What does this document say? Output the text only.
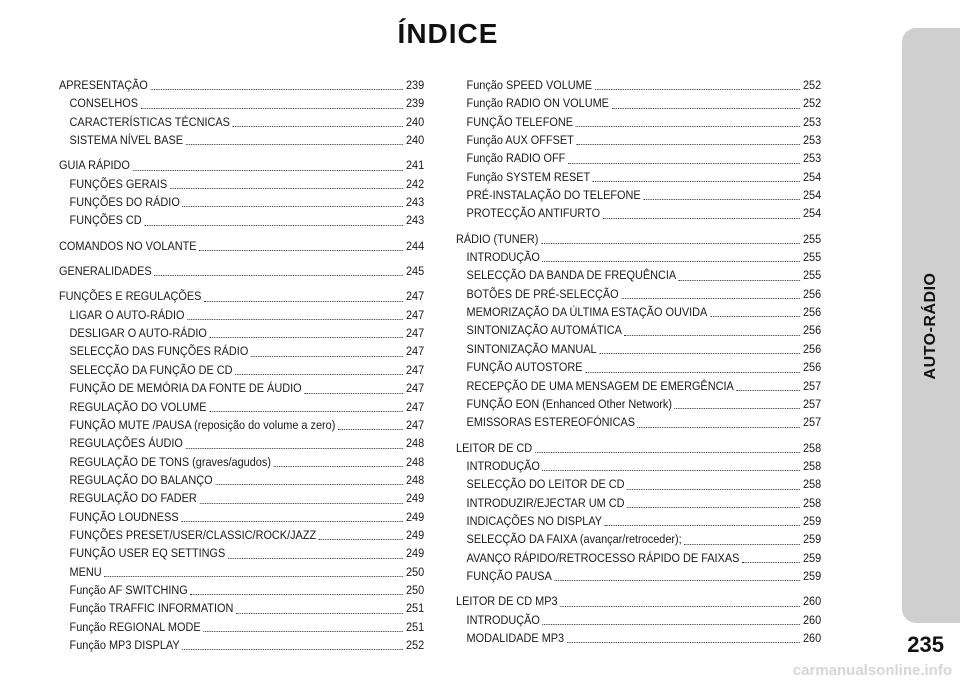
ÍNDICE
APRESENTAÇÃO	239
CONSELHOS	239
CARACTERÍSTICAS TÉCNICAS	240
SISTEMA NÍVEL BASE	240
GUIA RÁPIDO	241
FUNÇÕES GERAIS	242
FUNÇÕES DO RÁDIO	243
FUNÇÕES CD	243
COMANDOS NO VOLANTE	244
GENERALIDADES	245
FUNÇÕES E REGULAÇÕES	247
LIGAR O AUTO-RÁDIO	247
DESLIGAR O AUTO-RÁDIO	247
SELECÇÃO DAS FUNÇÕES RÁDIO	247
SELECÇÃO DA FUNÇÃO DE CD	247
FUNÇÃO DE MEMÓRIA DA FONTE DE ÁUDIO	247
REGULAÇÃO DO VOLUME	247
FUNÇÃO MUTE /PAUSA (reposição do volume a zero)	247
REGULAÇÕES ÁUDIO	248
REGULAÇÃO DE TONS (graves/agudos)	248
REGULAÇÃO DO BALANÇO	248
REGULAÇÃO DO FADER	249
FUNÇÃO LOUDNESS	249
FUNÇÕES PRESET/USER/CLASSIC/ROCK/JAZZ	249
FUNÇÃO USER EQ SETTINGS	249
MENU	250
Função AF SWITCHING	250
Função TRAFFIC INFORMATION	251
Função REGIONAL MODE	251
Função MP3 DISPLAY	252
Função SPEED VOLUME	252
Função RADIO ON VOLUME	252
FUNÇÃO TELEFONE	253
Função AUX OFFSET	253
Função RADIO OFF	253
Função SYSTEM RESET	254
PRÉ-INSTALAÇÃO DO TELEFONE	254
PROTECÇÃO ANTIFURTO	254
RÁDIO (TUNER)	255
INTRODUÇÃO	255
SELECÇÃO DA BANDA DE FREQUÊNCIA	255
BOTÕES DE PRÉ-SELECÇÃO	256
MEMORIZAÇÃO DA ÚLTIMA ESTAÇÃO OUVIDA	256
SINTONIZAÇÃO AUTOMÁTICA	256
SINTONIZAÇÃO MANUAL	256
FUNÇÃO AUTOSTORE	256
RECEPÇÃO DE UMA MENSAGEM DE EMERGÊNCIA	257
FUNÇÃO EON (Enhanced Other Network)	257
EMISSORAS ESTEREOFÓNICAS	257
LEITOR DE CD	258
INTRODUÇÃO	258
SELECÇÃO DO LEITOR DE CD	258
INTRODUZIR/EJECTAR UM CD	258
INDICAÇÕES NO DISPLAY	259
SELECÇÃO DA FAIXA (avançar/retroceder);	259
AVANÇO RÁPIDO/RETROCESSO RÁPIDO DE FAIXAS	259
FUNÇÃO PAUSA	259
LEITOR DE CD MP3	260
INTRODUÇÃO	260
MODALIDADE MP3	260
AUTO-RÁDIO
235
carmanualsonline.info
